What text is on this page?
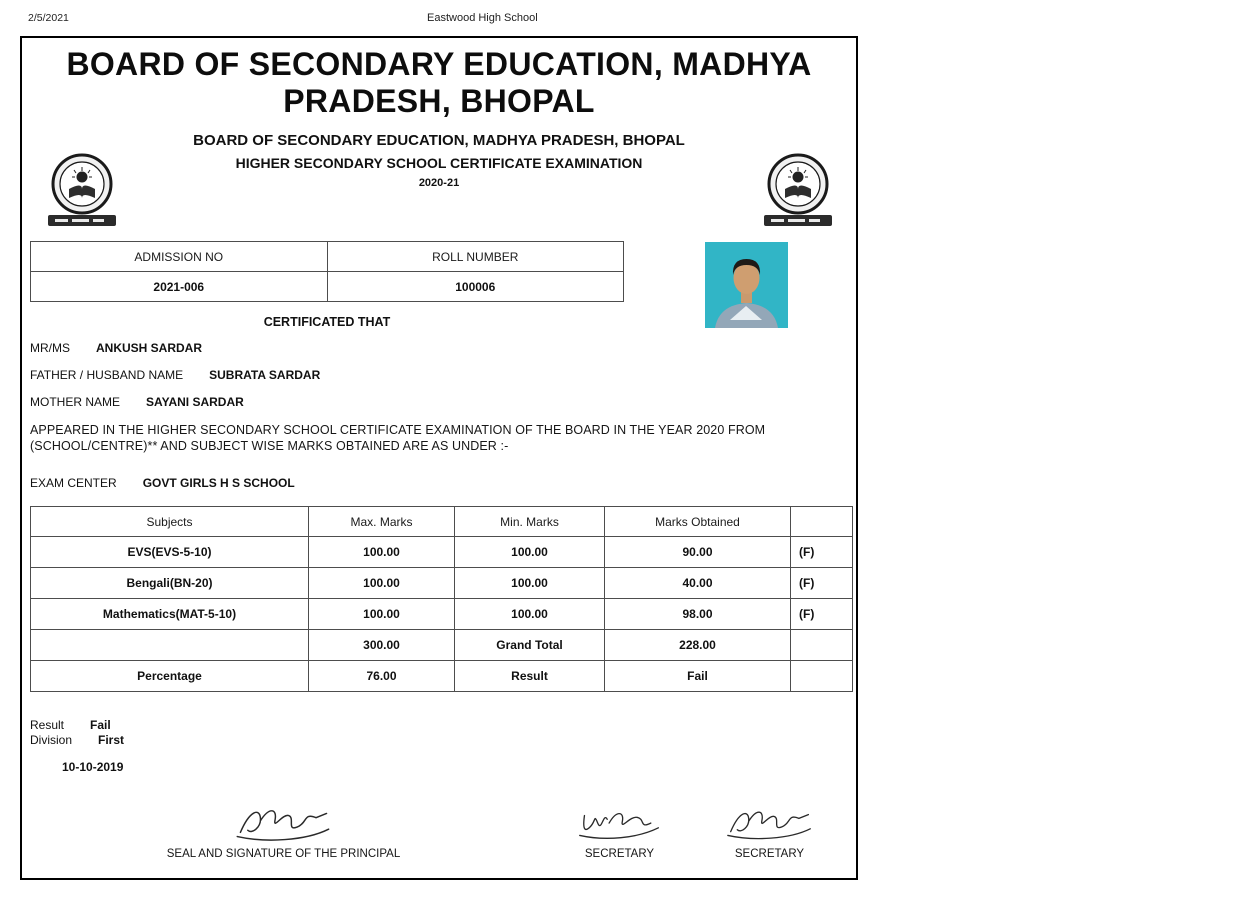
2/5/2021	Eastwood High School
BOARD OF SECONDARY EDUCATION, MADHYA PRADESH, BHOPAL
BOARD OF SECONDARY EDUCATION, MADHYA PRADESH, BHOPAL
HIGHER SECONDARY SCHOOL CERTIFICATE EXAMINATION
2020-21
ADMISSION NO	ROLL NUMBER
2021-006	100006
CERTIFICATED THAT
MR/MS ANKUSH SARDAR
FATHER / HUSBAND NAME SUBRATA SARDAR
MOTHER NAME SAYANI SARDAR
APPEARED IN THE HIGHER SECONDARY SCHOOL CERTIFICATE EXAMINATION OF THE BOARD IN THE YEAR 2020 FROM (SCHOOL/CENTRE)** AND SUBJECT WISE MARKS OBTAINED ARE AS UNDER :-
EXAM CENTER GOVT GIRLS H S SCHOOL
Subjects	Max. Marks	Min. Marks	Marks Obtained	
EVS(EVS-5-10)	100.00	100.00	90.00	(F)
Bengali(BN-20)	100.00	100.00	40.00	(F)
Mathematics(MAT-5-10)	100.00	100.00	98.00	(F)
	300.00	Grand Total	228.00	
Percentage	76.00	Result	Fail	
Result Fail
Division First
10-10-2019
SEAL AND SIGNATURE OF THE PRINCIPAL	SECRETARY	SECRETARY
